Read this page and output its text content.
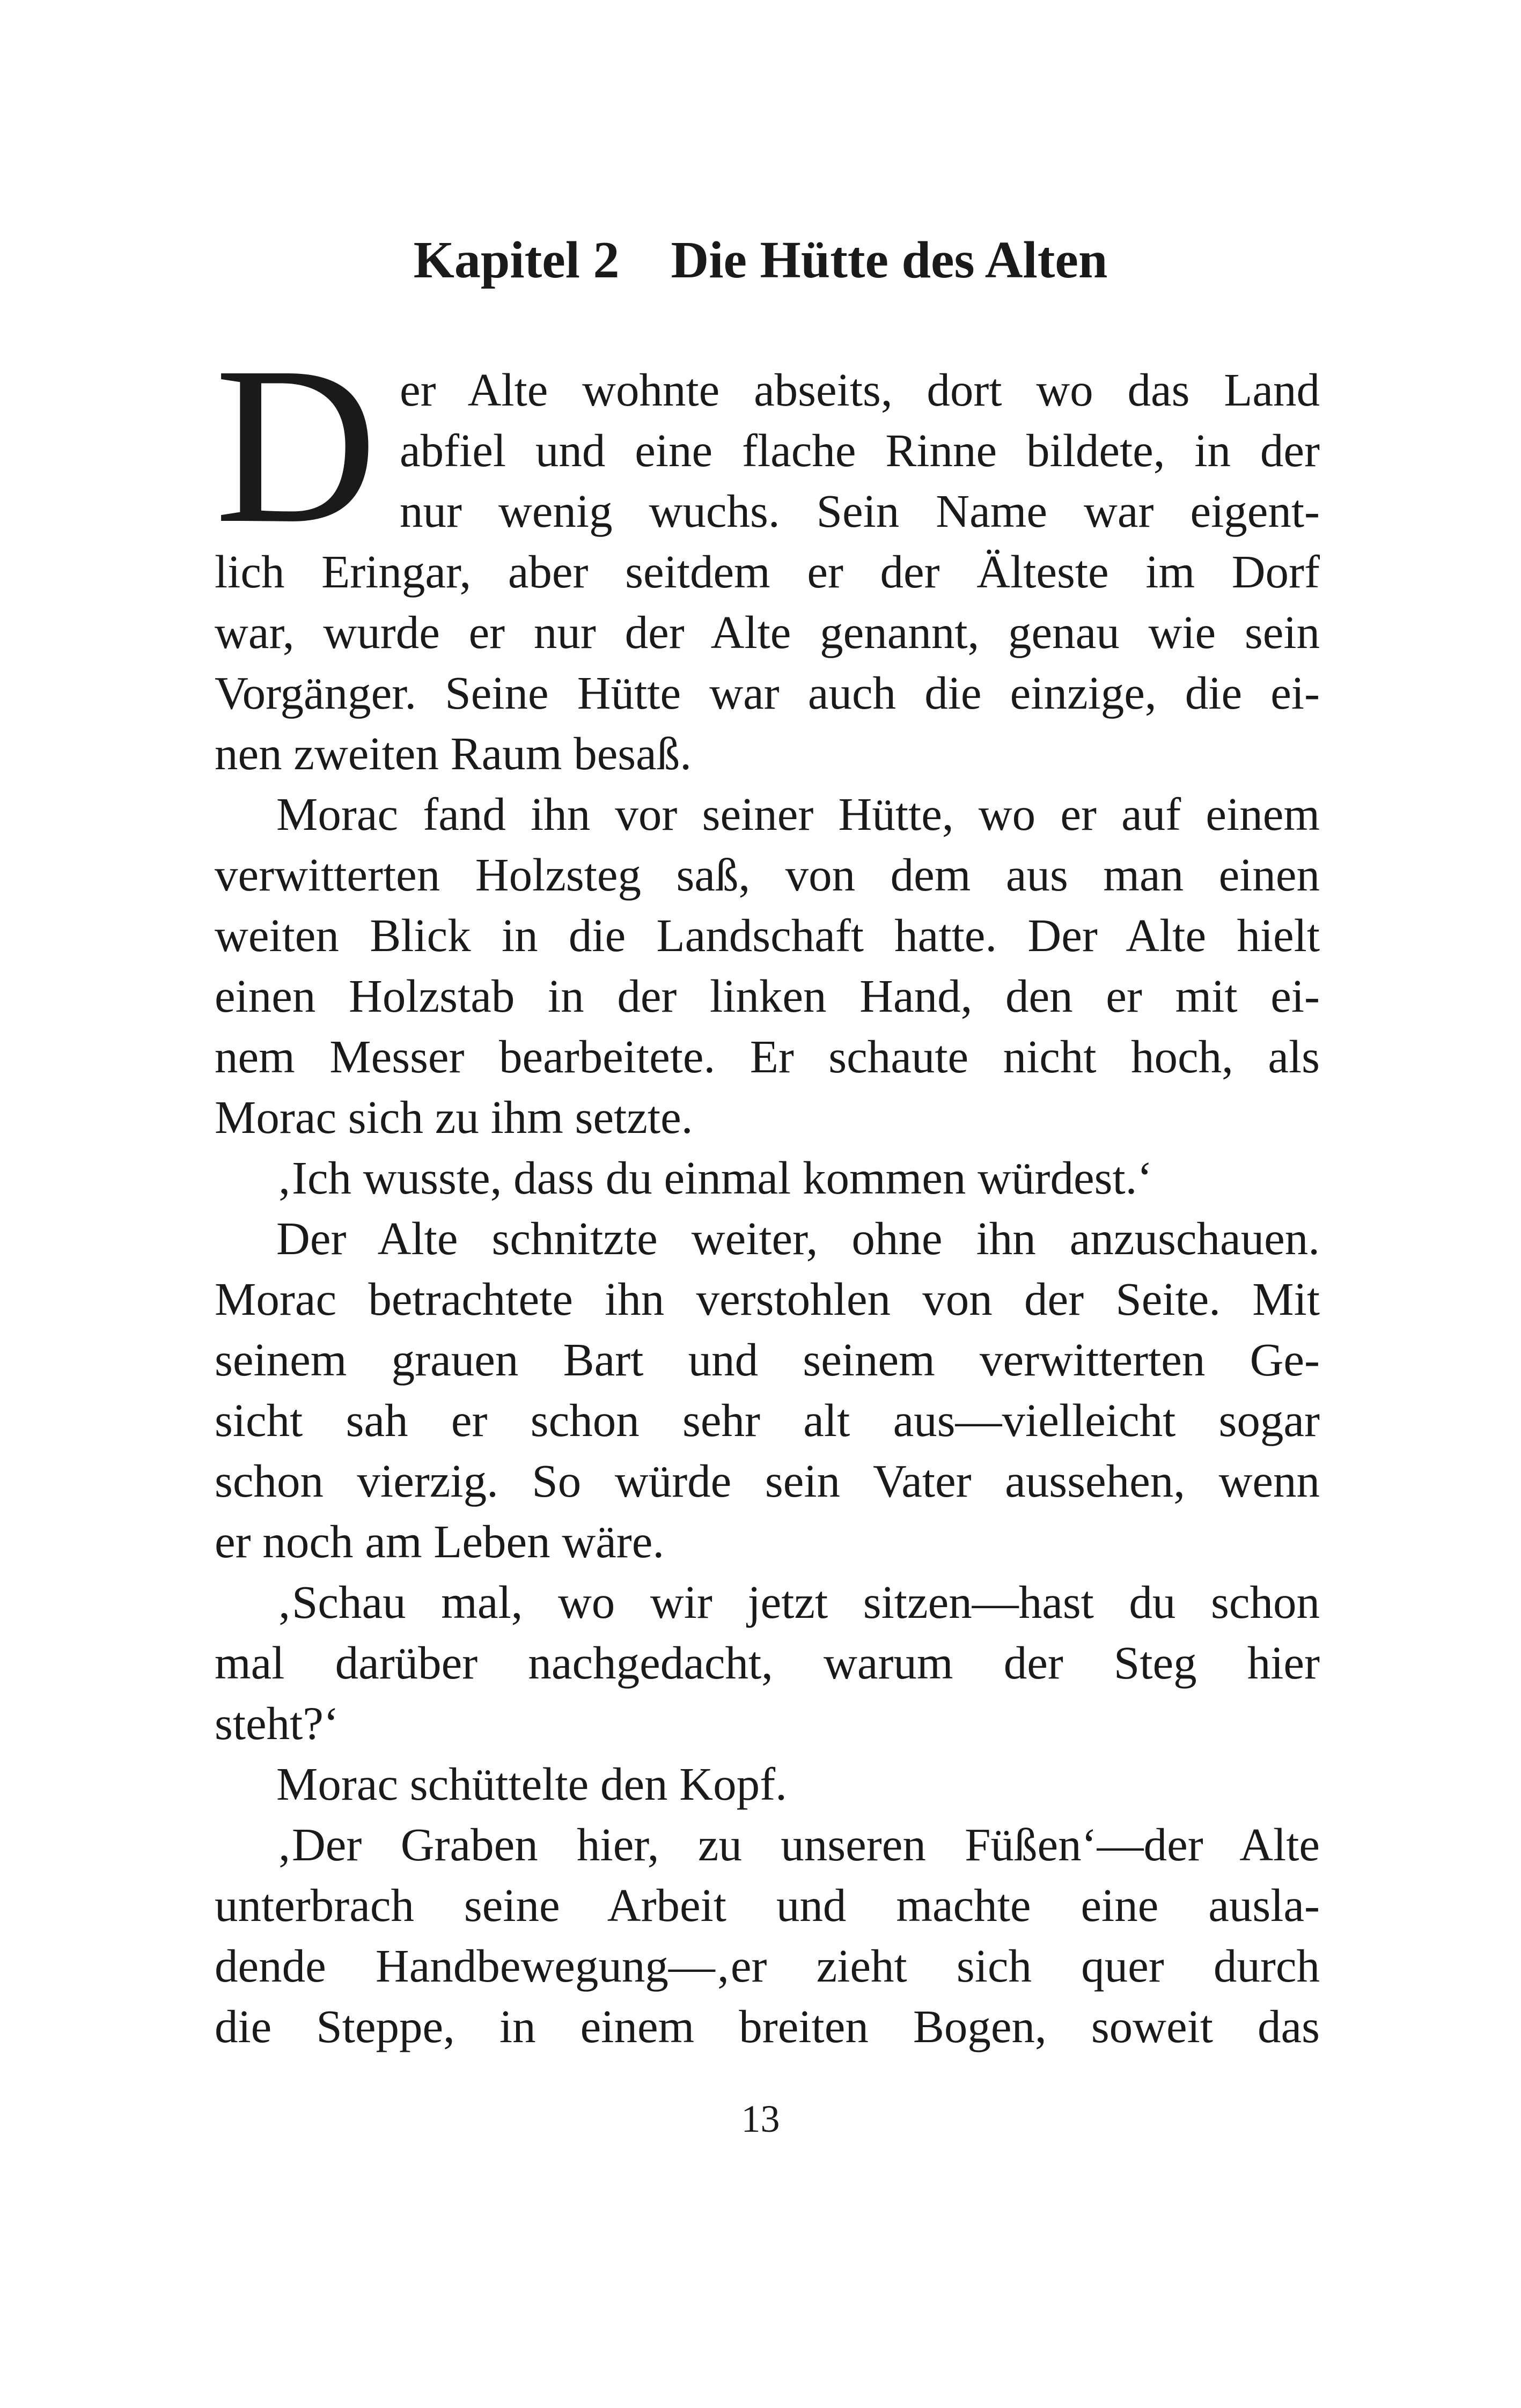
Kapitel 2 Die Hütte des Alten
D er Alte wohnte abseits, dort wo das Land
abfiel und eine flache Rinne bildete, in der
nur wenig wuchs. Sein Name war eigent-
lich Eringar, aber seitdem er der Älteste im Dorf
war, wurde er nur der Alte genannt, genau wie sein
Vorgänger. Seine Hütte war auch die einzige, die ei-
nen zweiten Raum besaß.
Morac fand ihn vor seiner Hütte, wo er auf einem
verwitterten Holzsteg saß, von dem aus man einen
weiten Blick in die Landschaft hatte. Der Alte hielt
einen Holzstab in der linken Hand, den er mit ei-
nem Messer bearbeitete. Er schaute nicht hoch, als
Morac sich zu ihm setzte.
‚Ich wusste, dass du einmal kommen würdest.‘
Der Alte schnitzte weiter, ohne ihn anzuschauen.
Morac betrachtete ihn verstohlen von der Seite. Mit
seinem grauen Bart und seinem verwitterten Ge-
sicht sah er schon sehr alt aus—vielleicht sogar
schon vierzig. So würde sein Vater aussehen, wenn
er noch am Leben wäre.
‚Schau mal, wo wir jetzt sitzen—hast du schon
mal darüber nachgedacht, warum der Steg hier
steht?‘
Morac schüttelte den Kopf.
‚Der Graben hier, zu unseren Füßen‘—der Alte
unterbrach seine Arbeit und machte eine ausla-
dende Handbewegung—‚er zieht sich quer durch
die Steppe, in einem breiten Bogen, soweit das
13
